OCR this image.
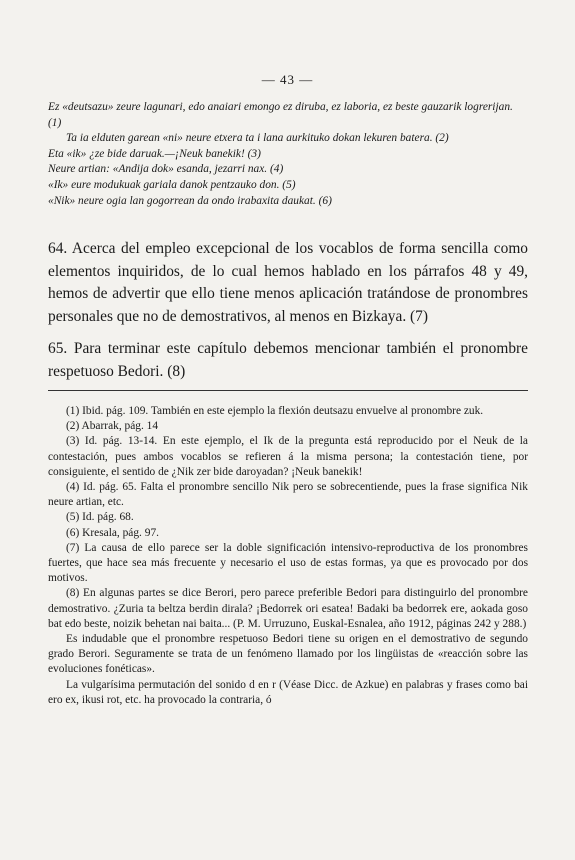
— 43 —

Ez «deutsazu» zeure lagunari, edo anaiari emongo ez diruba, ez laboria, ez beste gauzarik logrerijan. (1)

Ta ia elduten garean «ni» neure etxera ta i lana aurkituko dokan lekuren batera. (2)

Eta «ik» ¿ze bide daruak.—¡Neuk banekik! (3)

Neure artian: «Andija dok» esanda, jezarri nax. (4)

«Ik» eure modukuak gariala danok pentzauko don. (5)

«Nik» neure ogia lan gogorrean da ondo irabaxita daukat. (6)

64. Acerca del empleo excepcional de los vocablos de forma sencilla como elementos inquiridos, de lo cual hemos hablado en los párrafos 48 y 49, hemos de advertir que ello tiene menos aplicación tratándose de pronombres personales que no de demostrativos, al menos en Bizkaya. (7)
65. Para terminar este capítulo debemos mencionar también el pronombre respetuoso Bedori. (8)

(1) Ibid. pág. 109. También en este ejemplo la flexión deutsazu envuelve al pronombre zuk.

(2) Abarrak, pág. 14

(3) Id. pág. 13-14. En este ejemplo, el Ik de la pregunta está reproducido por el Neuk de la contestación, pues ambos vocablos se refieren á la misma persona; la contestación tiene, por consiguiente, el sentido de ¿Nik zer bide daroyadan? ¡Neuk banekik!

(4) Id. pág. 65. Falta el pronombre sencillo Nik pero se sobrecentiende, pues la frase significa Nik neure artian, etc.

(5) Id. pág. 68.

(6) Kresala, pág. 97.

(7) La causa de ello parece ser la doble significación intensivo-reproductiva de los pronombres fuertes, que hace sea más frecuente y necesario el uso de estas formas, ya que es provocado por dos motivos.

(8) En algunas partes se dice Berori, pero parece preferible Bedori para distinguirlo del pronombre demostrativo. ¿Zuria ta beltza berdin dirala? ¡Bedorrek ori esatea! Badaki ba bedorrek ere, aokada goso bat edo beste, noizik behetan nai baita... (P. M. Urruzuno, Euskal-Esnalea, año 1912, páginas 242 y 288.)

Es indudable que el pronombre respetuoso Bedori tiene su origen en el demostrativo de segundo grado Berori. Seguramente se trata de un fenómeno llamado por los lingüistas de «reacción sobre las evoluciones fonéticas».

La vulgarísima permutación del sonido d en r (Véase Dicc. de Azkue) en palabras y frases como bai ero ex, ikusi rot, etc. ha provocado la contraria, ó
